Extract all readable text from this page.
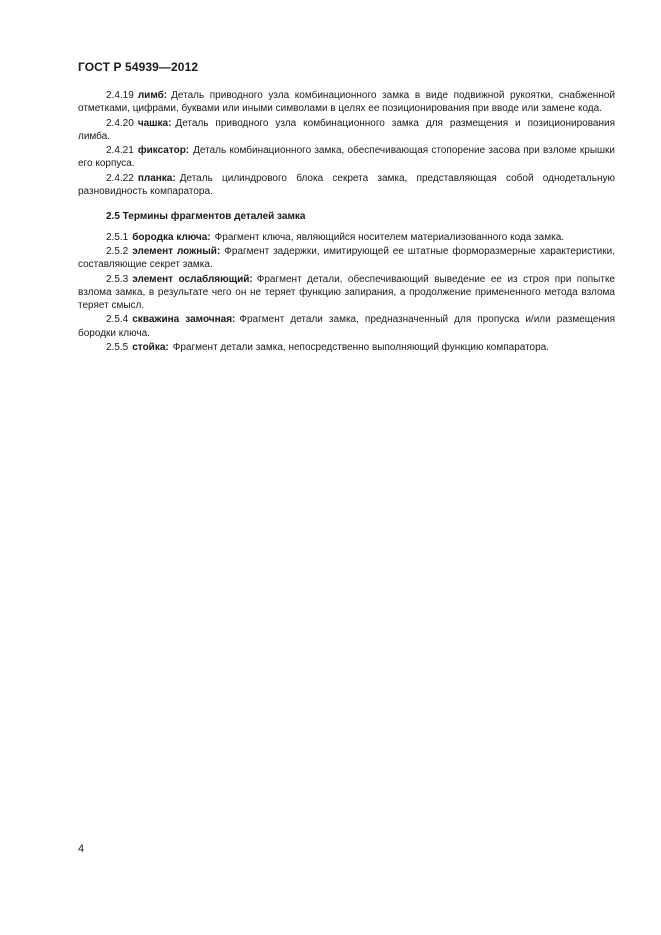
ГОСТ Р 54939—2012

2.4.19 лимб: Деталь приводного узла комбинационного замка в виде подвижной рукоятки, снабженной отметками, цифрами, буквами или иными символами в целях ее позиционирования при вводе или замене кода.

2.4.20 чашка: Деталь приводного узла комбинационного замка для размещения и позиционирования лимба.

2.4.21 фиксатор: Деталь комбинационного замка, обеспечивающая стопорение засова при взломе крышки его корпуса.

2.4.22 планка: Деталь цилиндрового блока секрета замка, представляющая собой однодетальную разновидность компаратора.

2.5 Термины фрагментов деталей замка

2.5.1 бородка ключа: Фрагмент ключа, являющийся носителем материализованного кода замка.

2.5.2 элемент ложный: Фрагмент задержки, имитирующей ее штатные форморазмерные характеристики, составляющие секрет замка.

2.5.3 элемент ослабляющий: Фрагмент детали, обеспечивающий выведение ее из строя при попытке взлома замка, в результате чего он не теряет функцию запирания, а продолжение примененного метода взлома теряет смысл.

2.5.4 скважина замочная: Фрагмент детали замка, предназначенный для пропуска и/или размещения бородки ключа.

2.5.5 стойка: Фрагмент детали замка, непосредственно выполняющий функцию компаратора.

4
